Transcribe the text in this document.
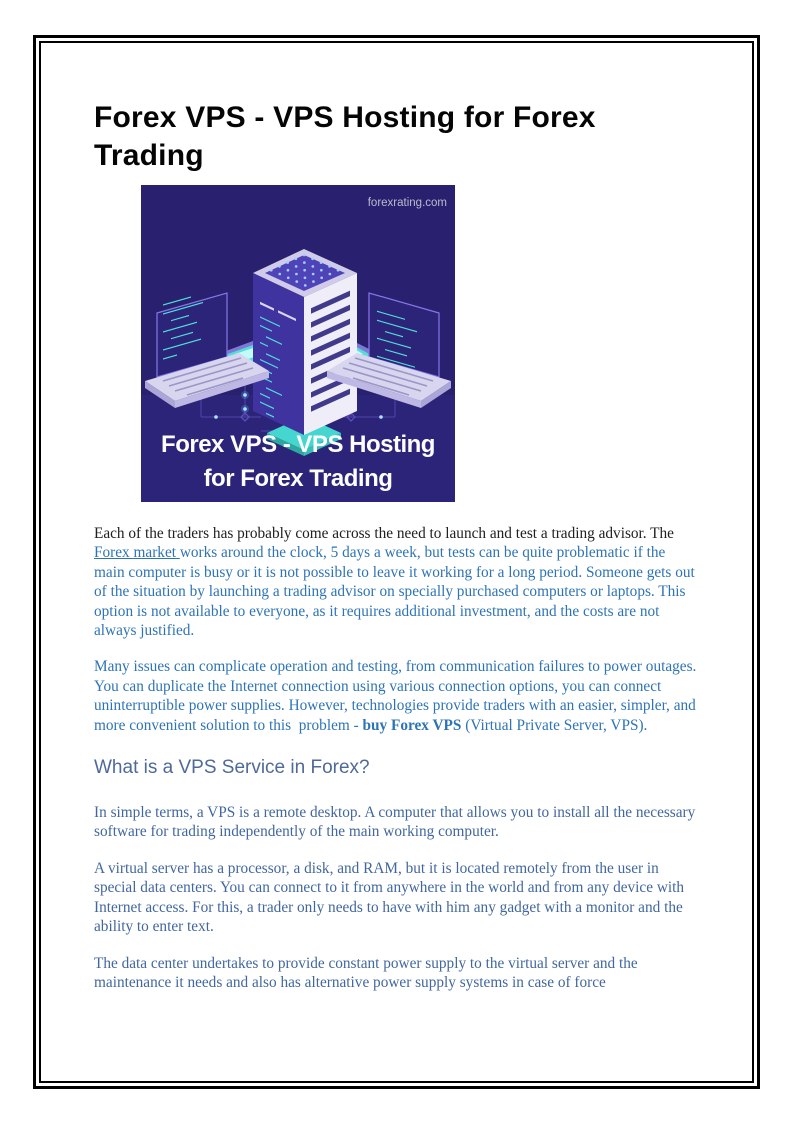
Forex VPS - VPS Hosting for Forex
Trading
forexrating.com
Forex VPS - VPS Hosting
for Forex Trading

Each of the traders has probably come across the need to launch and test a trading advisor. The Forex market works around the clock, 5 days a week, but tests can be quite problematic if the main computer is busy or it is not possible to leave it working for a long period. Someone gets out of the situation by launching a trading advisor on specially purchased computers or laptops. This option is not available to everyone, as it requires additional investment, and the costs are not always justified.

Many issues can complicate operation and testing, from communication failures to power outages. You can duplicate the Internet connection using various connection options, you can connect uninterruptible power supplies. However, technologies provide traders with an easier, simpler, and more convenient solution to this  problem - buy Forex VPS (Virtual Private Server, VPS).

What is a VPS Service in Forex?

In simple terms, a VPS is a remote desktop. A computer that allows you to install all the necessary software for trading independently of the main working computer.

A virtual server has a processor, a disk, and RAM, but it is located remotely from the user in special data centers. You can connect to it from anywhere in the world and from any device with Internet access. For this, a trader only needs to have with him any gadget with a monitor and the ability to enter text.

The data center undertakes to provide constant power supply to the virtual server and the maintenance it needs and also has alternative power supply systems in case of force
